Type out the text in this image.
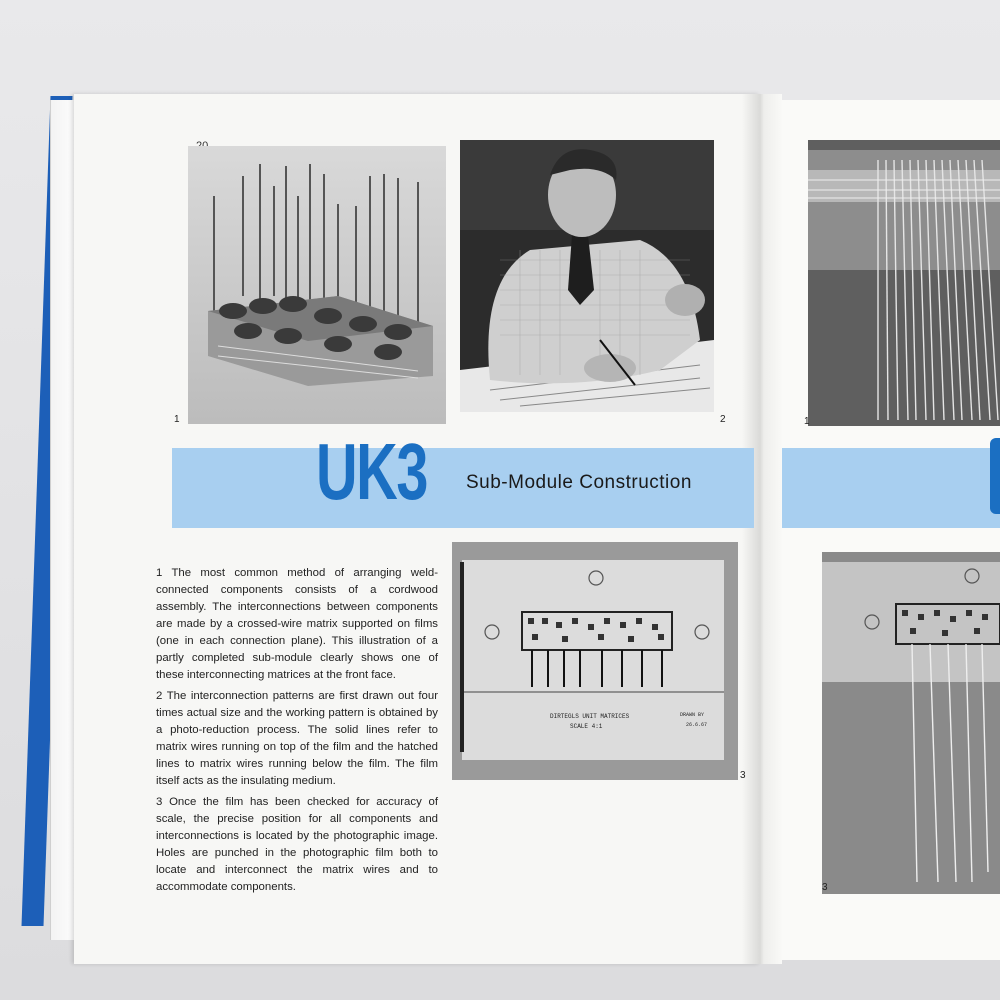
1	2	1
UK3 Sub-Module Construction
DIRTEGLS UNIT MATRICES
SCALE 4:1
DRAWN BY
26.6.67
3
3
1 The most common method of arranging weld-connected components consists of a cordwood assembly. The interconnections between components are made by a crossed-wire matrix supported on films (one in each connection plane). This illustration of a partly completed sub-module clearly shows one of these interconnecting matrices at the front face.
2 The interconnection patterns are first drawn out four times actual size and the working pattern is obtained by a photo-reduction process. The solid lines refer to matrix wires running on top of the film and the hatched lines to matrix wires running below the film. The film itself acts as the insulating medium.
3 Once the film has been checked for accuracy of scale, the precise position for all components and interconnections is located by the photographic image. Holes are punched in the photographic film both to locate and interconnect the matrix wires and to accommodate components.
